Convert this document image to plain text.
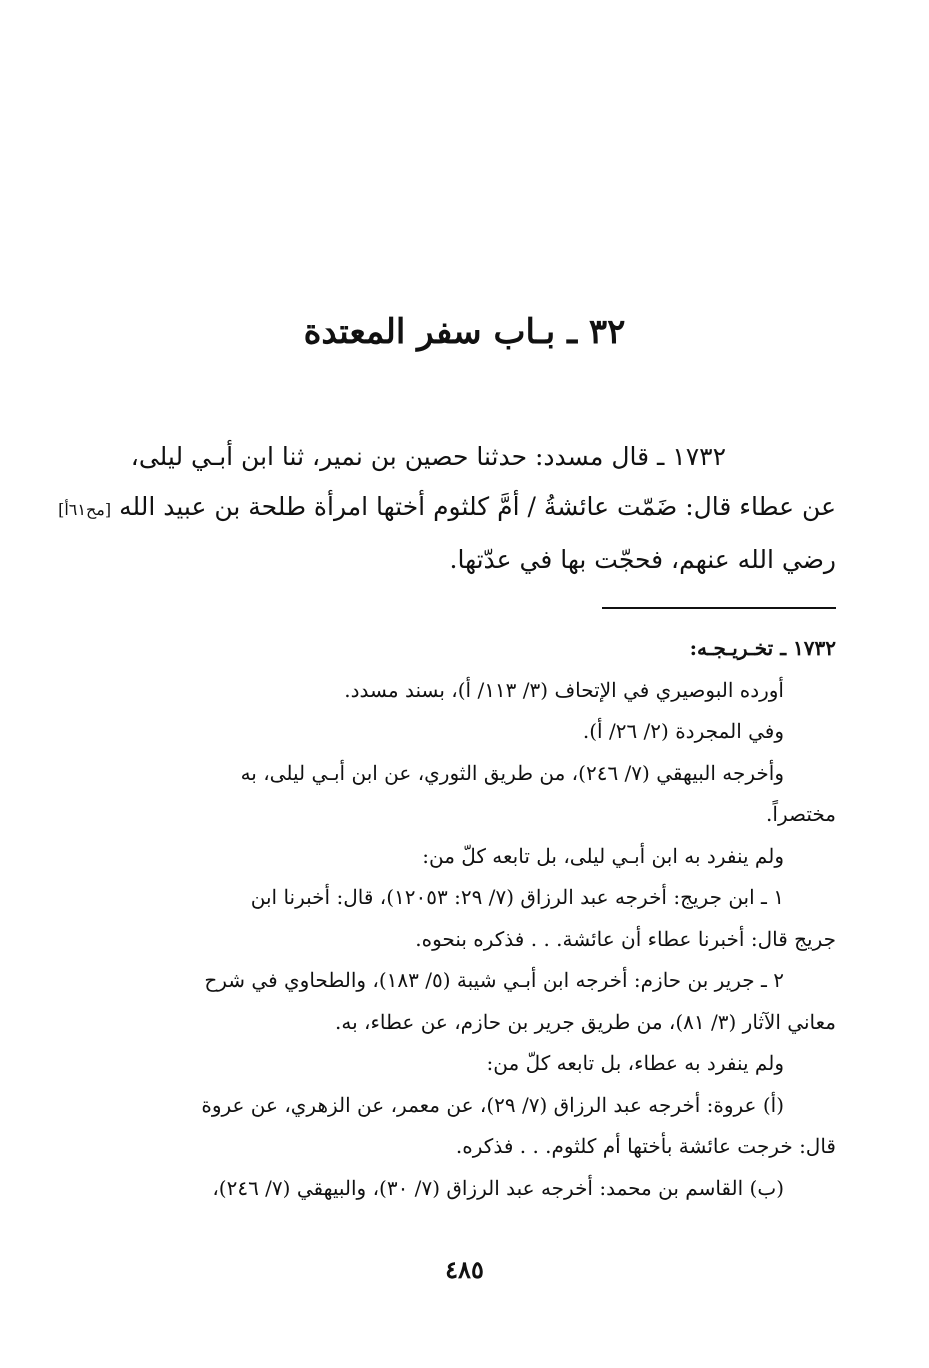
٣٢ ـ بـاب سفر المعتدة
١٧٣٢ ـ قال مسدد: حدثنا حصين بن نمير، ثنا ابن أبـي ليلى،
عن عطاء قال: ضَمّت عائشةُ / أمَّ كلثوم أختها امرأة طلحة بن عبيد الله [مح٦١أ]
رضي الله عنهم، فحجّت بها في عدّتها.
١٧٣٢ ـ تخـريـجـه:
أورده البوصيري في الإتحاف (٣/ ١١٣/ أ)، بسند مسدد.
وفي المجردة (٢/ ٢٦/ أ).
وأخرجه البيهقي (٧/ ٢٤٦)، من طريق الثوري، عن ابن أبـي ليلى، به
مختصراً.
ولم ينفرد به ابن أبـي ليلى، بل تابعه كلّ من:
١ ـ ابن جريج: أخرجه عبد الرزاق (٧/ ٢٩: ١٢٠٥٣)، قال: أخبرنا ابن
جريج قال: أخبرنا عطاء أن عائشة. . . فذكره بنحوه.
٢ ـ جرير بن حازم: أخرجه ابن أبـي شيبة (٥/ ١٨٣)، والطحاوي في شرح
معاني الآثار (٣/ ٨١)، من طريق جرير بن حازم، عن عطاء، به.
ولم ينفرد به عطاء، بل تابعه كلّ من:
(أ) عروة: أخرجه عبد الرزاق (٧/ ٢٩)، عن معمر، عن الزهري، عن عروة
قال: خرجت عائشة بأختها أم كلثوم. . . فذكره.
(ب) القاسم بن محمد: أخرجه عبد الرزاق (٧/ ٣٠)، والبيهقي (٧/ ٢٤٦)،
٤٨٥
